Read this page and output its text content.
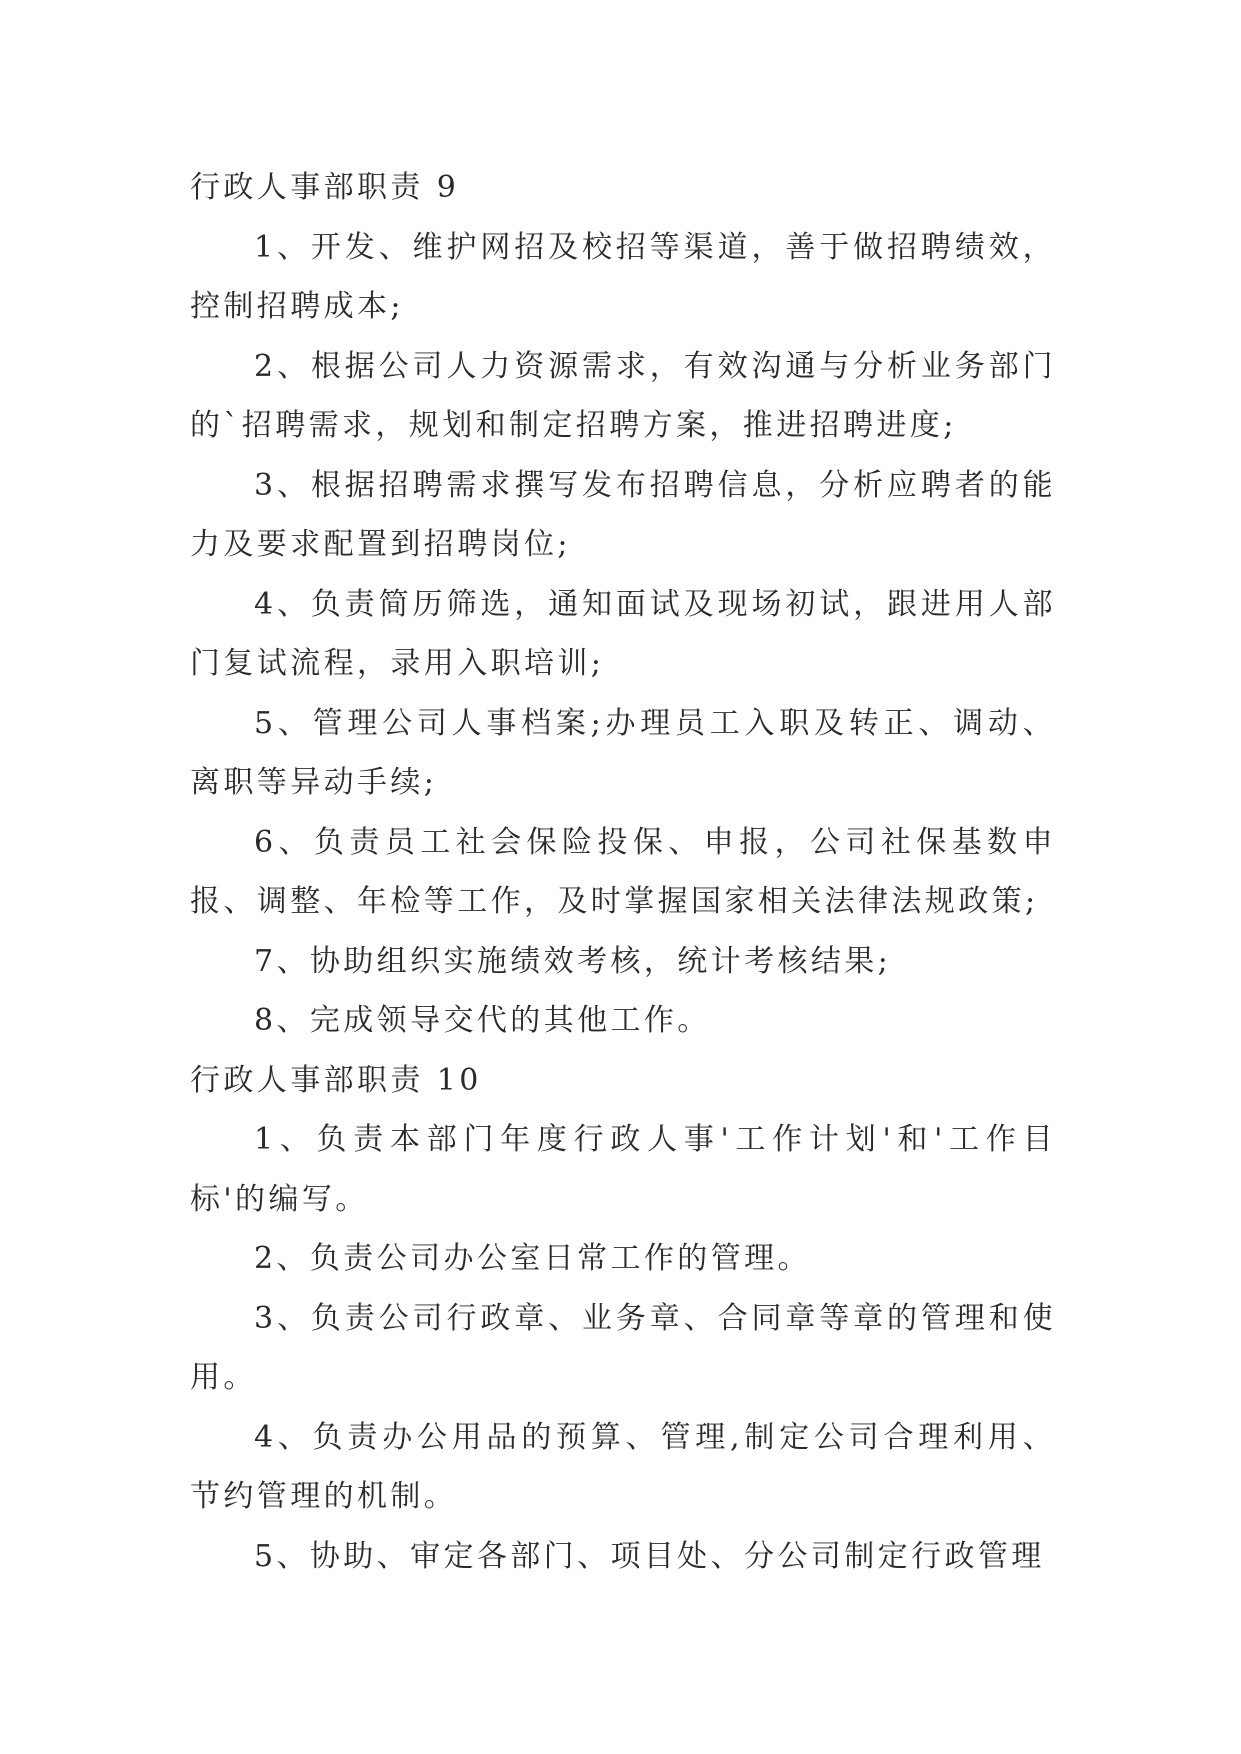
行政人事部职责 9

1、开发、维护网招及校招等渠道，善于做招聘绩效，控制招聘成本;

2、根据公司人力资源需求，有效沟通与分析业务部门的`招聘需求，规划和制定招聘方案，推进招聘进度;

3、根据招聘需求撰写发布招聘信息，分析应聘者的能力及要求配置到招聘岗位;

4、负责简历筛选，通知面试及现场初试，跟进用人部门复试流程，录用入职培训;

5、管理公司人事档案;办理员工入职及转正、调动、离职等异动手续;

6、负责员工社会保险投保、申报，公司社保基数申报、调整、年检等工作，及时掌握国家相关法律法规政策;

7、协助组织实施绩效考核，统计考核结果;

8、完成领导交代的其他工作。

行政人事部职责 10

1、负责本部门年度行政人事'工作计划'和'工作目标'的编写。

2、负责公司办公室日常工作的管理。

3、负责公司行政章、业务章、合同章等章的管理和使用。

4、负责办公用品的预算、管理,制定公司合理利用、节约管理的机制。

5、协助、审定各部门、项目处、分公司制定行政管理
